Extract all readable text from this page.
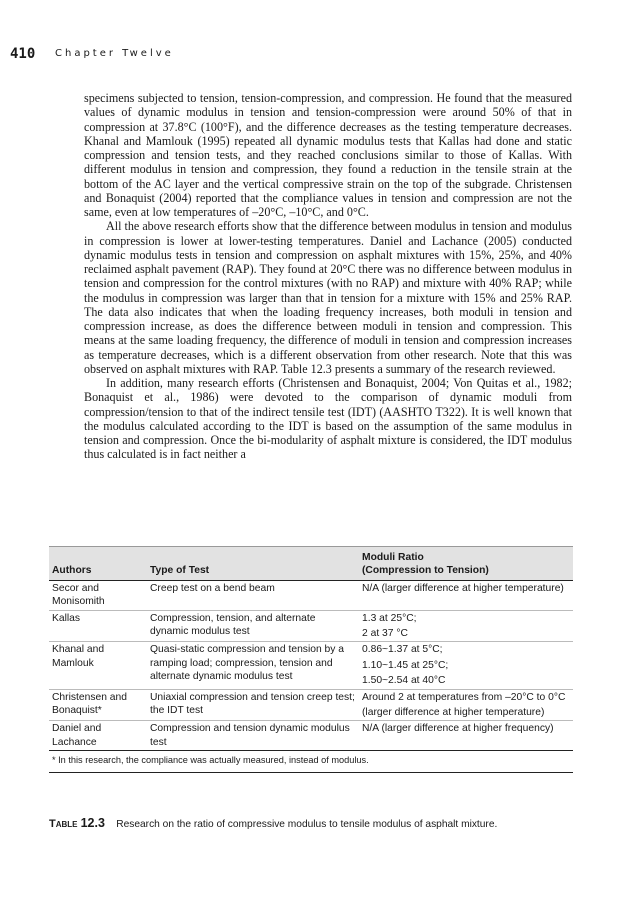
410 Chapter Twelve

specimens subjected to tension, tension-compression, and compression. He found that the measured values of dynamic modulus in tension and tension-compression were around 50% of that in compression at 37.8°C (100°F), and the difference decreases as the testing temperature decreases. Khanal and Mamlouk (1995) repeated all dynamic modulus tests that Kallas had done and static compression and tension tests, and they reached conclusions similar to those of Kallas. With different modulus in tension and compression, they found a reduction in the tensile strain at the bottom of the AC layer and the vertical compressive strain on the top of the subgrade. Christensen and Bonaquist (2004) reported that the compliance values in tension and compression are not the same, even at low temperatures of –20°C, –10°C, and 0°C.

All the above research efforts show that the difference between modulus in tension and modulus in compression is lower at lower-testing temperatures. Daniel and Lachance (2005) conducted dynamic modulus tests in tension and compression on asphalt mixtures with 15%, 25%, and 40% reclaimed asphalt pavement (RAP). They found at 20°C there was no difference between modulus in tension and compression for the control mixtures (with no RAP) and mixture with 40% RAP; while the modulus in compression was larger than that in tension for a mixture with 15% and 25% RAP. The data also indicates that when the loading frequency increases, both moduli in tension and compression increase, as does the difference between moduli in tension and compression. This means at the same loading frequency, the difference of moduli in tension and compression increases as temperature decreases, which is a different observation from other research. Note that this was observed on asphalt mixtures with RAP. Table 12.3 presents a summary of the research reviewed.

In addition, many research efforts (Christensen and Bonaquist, 2004; Von Quitas et al., 1982; Bonaquist et al., 1986) were devoted to the comparison of dynamic moduli from compression/tension to that of the indirect tensile test (IDT) (AASHTO T322). It is well known that the modulus calculated according to the IDT is based on the assumption of the same modulus in tension and compression. Once the bi-modularity of asphalt mixture is considered, the IDT modulus thus calculated is in fact neither a

Authors	Type of Test	Moduli Ratio
(Compression to Tension)

Secor and Monisomith	Creep test on a bend beam	N/A (larger difference at higher temperature)

Kallas	Compression, tension, and alternate dynamic modulus test	1.3 at 25°C;
2 at 37 °C

Khanal and Mamlouk	Quasi-static compression and tension by a ramping load; compression, tension and alternate dynamic modulus test	0.86~1.37 at 5°C;
1.10~1.45 at 25°C;
1.50~2.54 at 40°C

Christensen and Bonaquist*	Uniaxial compression and tension creep test; the IDT test	Around 2 at temperatures from –20°C to 0°C
(larger difference at higher temperature)

Daniel and Lachance	Compression and tension dynamic modulus test	N/A (larger difference at higher frequency)
* In this research, the compliance was actually measured, instead of modulus.
Table 12.3 Research on the ratio of compressive modulus to tensile modulus of asphalt mixture.
